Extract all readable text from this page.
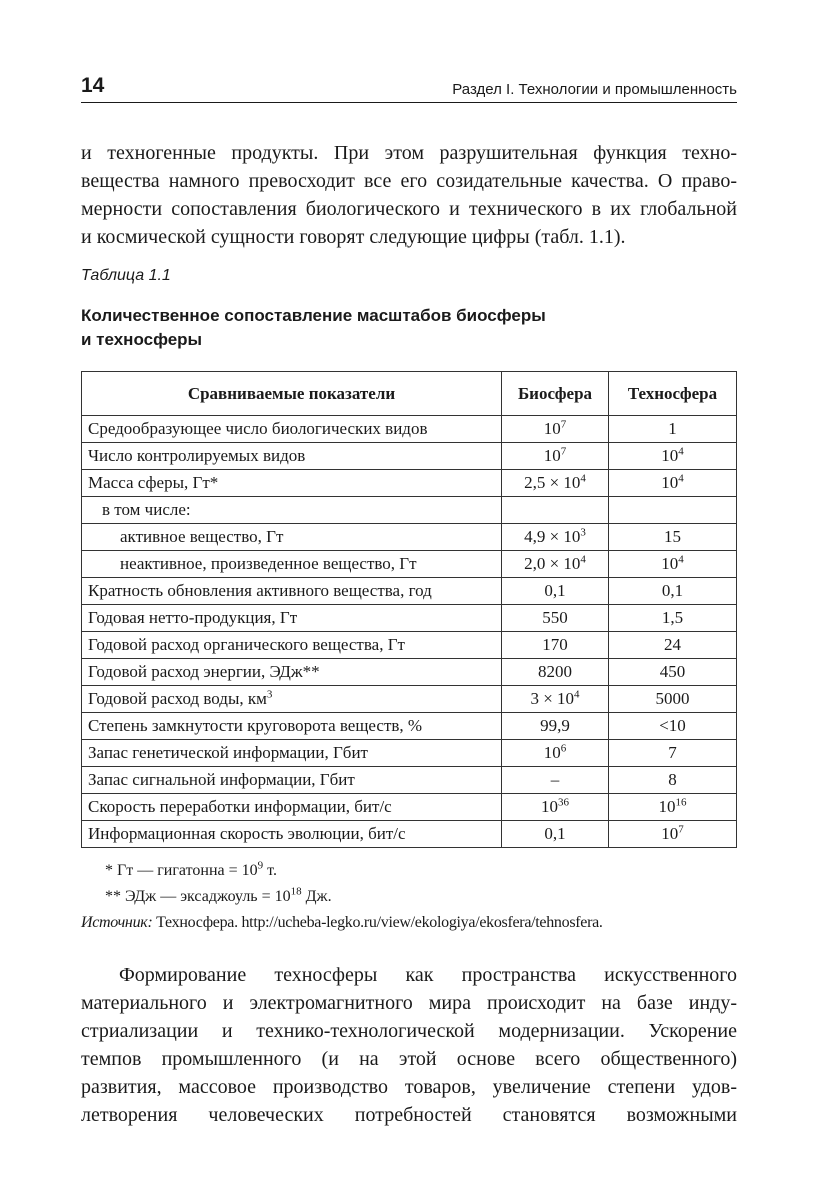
14	Раздел I. Технологии и промышленность

и техногенные продукты. При этом разрушительная функция техно-
вещества намного превосходит все его созидательные качества. О право-
мерности сопоставления биологического и технического в их глобальной
и космической сущности говорят следующие цифры (табл. 1.1).

Таблица 1.1
Количественное сопоставление масштабов биосферы
и техносферы
Сравниваемые показатели	Биосфера	Техносфера
Средообразующее число биологических видов	$10^7$	1
Число контролируемых видов	$10^7$	$10^4$
Масса сферы, Гт*	$2,5 \times 10^4$	$10^4$
в том числе:		
активное вещество, Гт	$4,9 \times 10^3$	15
неактивное, произведенное вещество, Гт	$2,0 \times 10^4$	$10^4$
Кратность обновления активного вещества, год	0,1	0,1
Годовая нетто-продукция, Гт	550	1,5
Годовой расход органического вещества, Гт	170	24
Годовой расход энергии, ЭДж**	8200	450
Годовой расход воды, $км^3$	$3 \times 10^4$	5000
Степень замкнутости круговорота веществ, %	99,9	<10
Запас генетической информации, Гбит	$10^6$	7
Запас сигнальной информации, Гбит	–	8
Скорость переработки информации, бит/с	$10^{36}$	$10^{16}$
Информационная скорость эволюции, бит/с	0,1	$10^7$
* Гт — гигатонна = $10^9$ т.
** ЭДж — эксаджоуль = $10^{18}$ Дж.
Источник: Техносфера. http://ucheba-legko.ru/view/ekologiya/ekosfera/tehnosfera.

Формирование техносферы как пространства искусственного
материального и электромагнитного мира происходит на базе инду-
стриализации и технико-технологической модернизации. Ускорение
темпов промышленного (и на этой основе всего общественного)
развития, массовое производство товаров, увеличение степени удов-
летворения человеческих потребностей становятся возможными
